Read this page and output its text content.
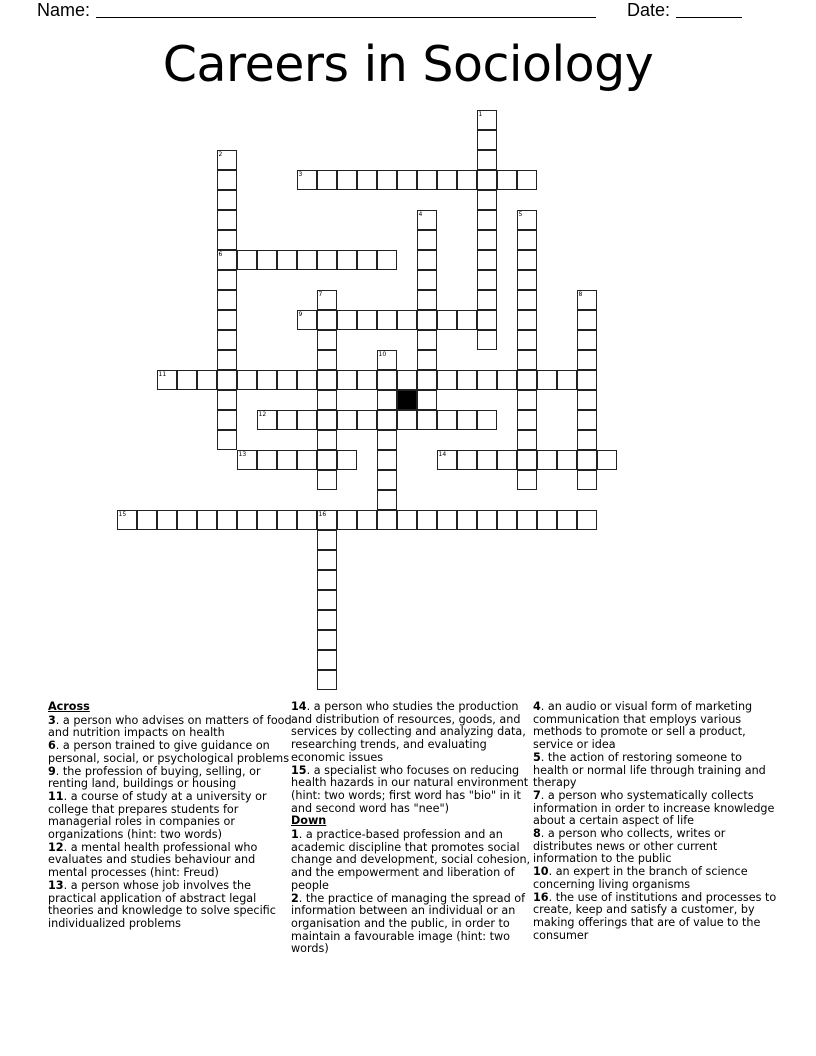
Name:	Date:
Careers in Sociology
1
2
6
3
4	5
7	8
9
10
11
12
13	14
15	16
Across
3. a person who advises on matters of food and nutrition impacts on health
6. a person trained to give guidance on personal, social, or psychological problems
9. the profession of buying, selling, or renting land, buildings or housing
11. a course of study at a university or college that prepares students for managerial roles in companies or organizations (hint: two words)
12. a mental health professional who evaluates and studies behaviour and mental processes (hint: Freud)
13. a person whose job involves the practical application of abstract legal theories and knowledge to solve specific individualized problems
14. a person who studies the production and distribution of resources, goods, and services by collecting and analyzing data, researching trends, and evaluating economic issues
15. a specialist who focuses on reducing health hazards in our natural environment (hint: two words; first word has "bio" in it and second word has "nee")
Down
1. a practice-based profession and an academic discipline that promotes social change and development, social cohesion, and the empowerment and liberation of people
2. the practice of managing the spread of information between an individual or an organisation and the public, in order to maintain a favourable image (hint: two words)
4. an audio or visual form of marketing communication that employs various methods to promote or sell a product, service or idea
5. the action of restoring someone to health or normal life through training and therapy
7. a person who systematically collects information in order to increase knowledge about a certain aspect of life
8. a person who collects, writes or distributes news or other current information to the public
10. an expert in the branch of science concerning living organisms
16. the use of institutions and processes to create, keep and satisfy a customer, by making offerings that are of value to the consumer
